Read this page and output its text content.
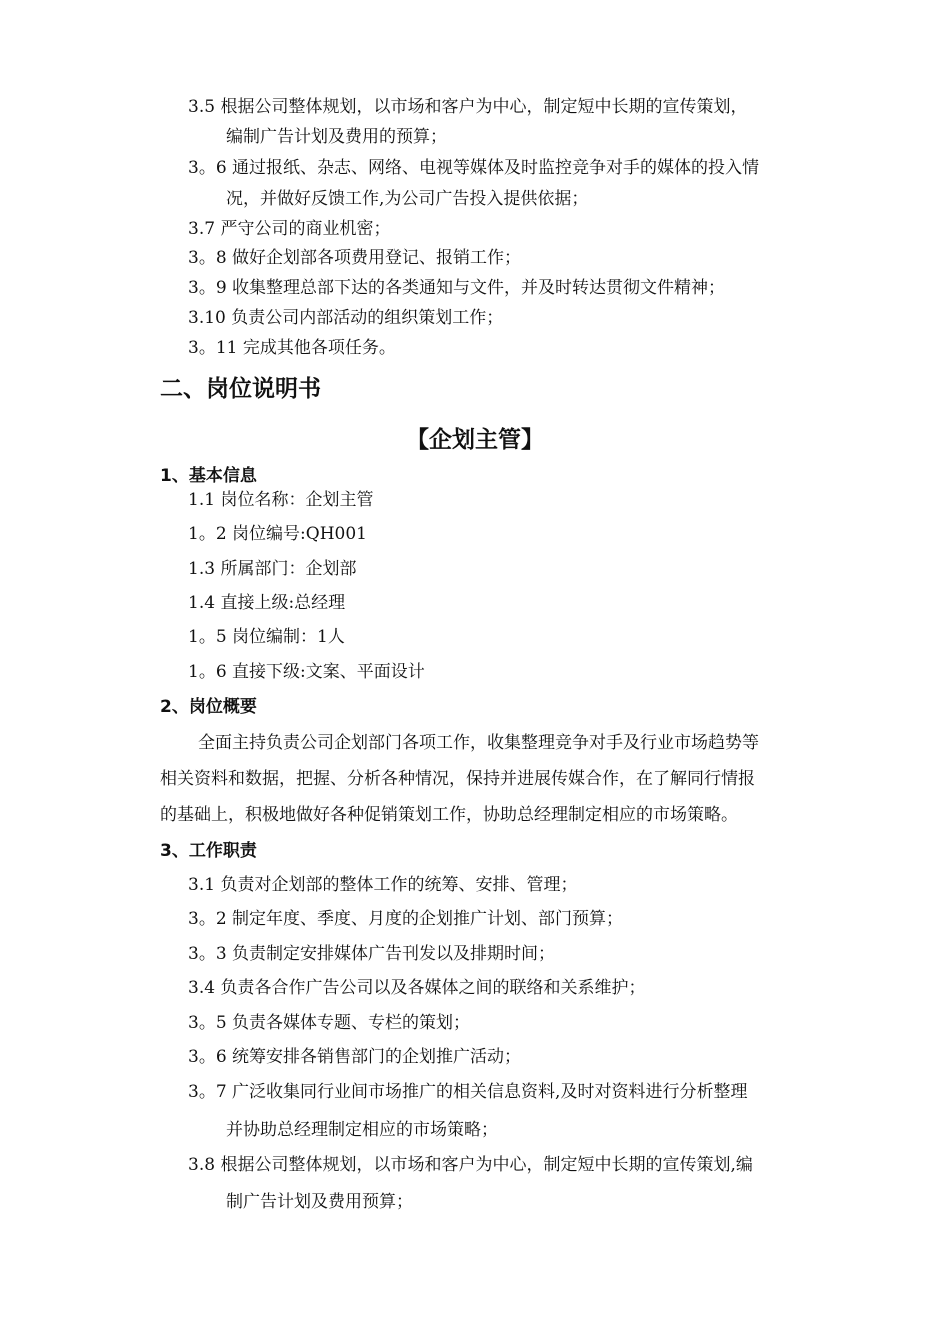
3.5 根据公司整体规划，以市场和客户为中心，制定短中长期的宣传策划，
编制广告计划及费用的预算；
3。6 通过报纸、杂志、网络、电视等媒体及时监控竞争对手的媒体的投入情
况，并做好反馈工作,为公司广告投入提供依据；
3.7 严守公司的商业机密；
3。8 做好企划部各项费用登记、报销工作；
3。9 收集整理总部下达的各类通知与文件，并及时转达贯彻文件精神；
3.10 负责公司内部活动的组织策划工作；
3。11 完成其他各项任务。
二、岗位说明书
【企划主管】
1、基本信息
1.1 岗位名称：企划主管
1。2 岗位编号:QH001
1.3 所属部门：企划部
1.4 直接上级:总经理
1。5 岗位编制：1人
1。6 直接下级:文案、平面设计
2、岗位概要
全面主持负责公司企划部门各项工作，收集整理竞争对手及行业市场趋势等
相关资料和数据，把握、分析各种情况，保持并进展传媒合作，在了解同行情报
的基础上，积极地做好各种促销策划工作，协助总经理制定相应的市场策略。
3、工作职责
3.1 负责对企划部的整体工作的统筹、安排、管理；
3。2 制定年度、季度、月度的企划推广计划、部门预算；
3。3 负责制定安排媒体广告刊发以及排期时间；
3.4 负责各合作广告公司以及各媒体之间的联络和关系维护；
3。5 负责各媒体专题、专栏的策划；
3。6 统筹安排各销售部门的企划推广活动；
3。7 广泛收集同行业间市场推广的相关信息资料,及时对资料进行分析整理
并协助总经理制定相应的市场策略；
3.8 根据公司整体规划，以市场和客户为中心，制定短中长期的宣传策划,编
制广告计划及费用预算；
